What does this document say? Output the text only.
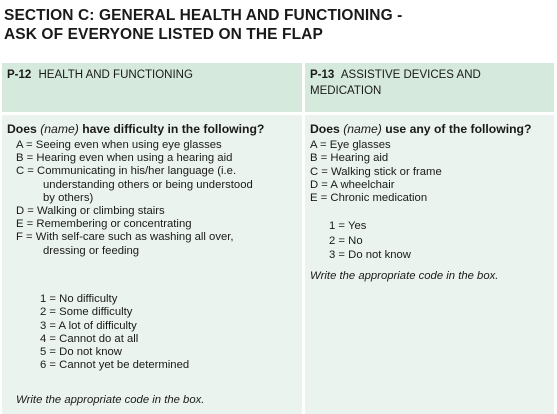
SECTION C: GENERAL HEALTH AND FUNCTIONING -
ASK OF EVERYONE LISTED ON THE FLAP
P-12 HEALTH AND FUNCTIONING
Does (name) have difficulty in the following?
A = Seeing even when using eye glasses
B = Hearing even when using a hearing aid
C = Communicating in his/her language (i.e.
understanding others or being understood
by others)
D = Walking or climbing stairs
E = Remembering or concentrating
F = With self-care such as washing all over,
dressing or feeding
1 = No difficulty
2 = Some difficulty
3 = A lot of difficulty
4 = Cannot do at all
5 = Do not know
6 = Cannot yet be determined
Write the appropriate code in the box.
P-13 ASSISTIVE DEVICES AND
MEDICATION
Does (name) use any of the following?
A = Eye glasses
B = Hearing aid
C = Walking stick or frame
D = A wheelchair
E = Chronic medication
1 = Yes
2 = No
3 = Do not know
Write the appropriate code in the box.
